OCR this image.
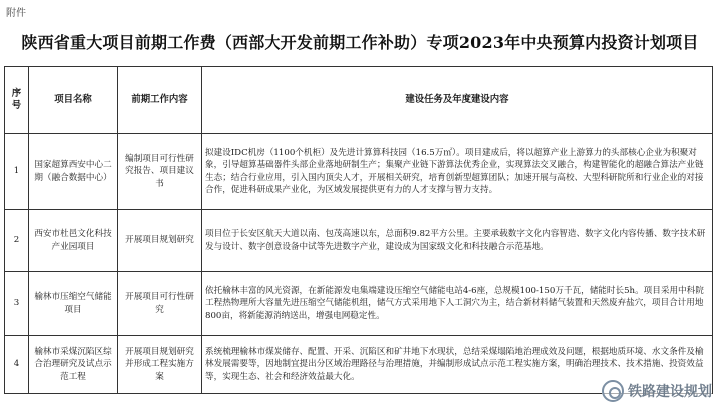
附件
陕西省重大项目前期工作费（西部大开发前期工作补助）专项2023年中央预算内投资计划项目
序号	项目名称	前期工作内容	建设任务及年度建设内容
1	国家超算西安中心二期（融合数据中心）	编制项目可行性研究报告、项目建议书	拟建设IDC机房（1100个机柜）及先进计算算科技园（16.5万㎡）。项目建成后，将以超算产业上游算力的头部核心企业为积聚对象，引导超算基础器件头部企业落地研制生产；集聚产业链下游算法优秀企业，实现算法交叉融合，构建智能化的超融合算法产业链生态；结合行业应用，引入国内顶尖人才，开展相关研究，培育创新型超算团队；加速开展与高校、大型科研院所和行业企业的对接合作，促进科研成果产业化，为区域发展提供更有力的人才支撑与智力支持。
2	西安市杜邑文化科技产业园项目	开展项目规划研究	项目位于长安区航天大道以南、包茂高速以东，总面积9.82平方公里。主要承载数字文化内容智造、数字文化内容传播、数字技术研发与设计、数字创意设备中试等先进数字产业，建设成为国家级文化和科技融合示范基地。
3	榆林市压缩空气储能项目	开展项目可行性研究	依托榆林丰富的风光资源，在新能源发电集端建设压缩空气储能电站4-6座，总规模100-150万千瓦，储能时长5h。项目采用中科院工程热物理所大容量先进压缩空气储能机组，储气方式采用地下人工洞穴为主，结合新材料储气装置和天然废弃盐穴，项目合计用地800亩，将新能源消纳送出，增强电网稳定性。
4	榆林市采煤沉陷区综合治理研究及试点示范工程	开展项目规划研究并形成工程实施方案	系统梳理榆林市煤炭储存、配置、开采、沉陷区和矿井地下水现状，总结采煤塌陷地治理成效及问题，根据地质环境、水文条件及榆林发展需要等，因地制宜提出分区域治理路径与治理措施，并编制形成试点示范工程实施方案，明确治理技术、技术措施、投资效益等，实现生态、社会和经济效益最大化。
铁路建设规划
